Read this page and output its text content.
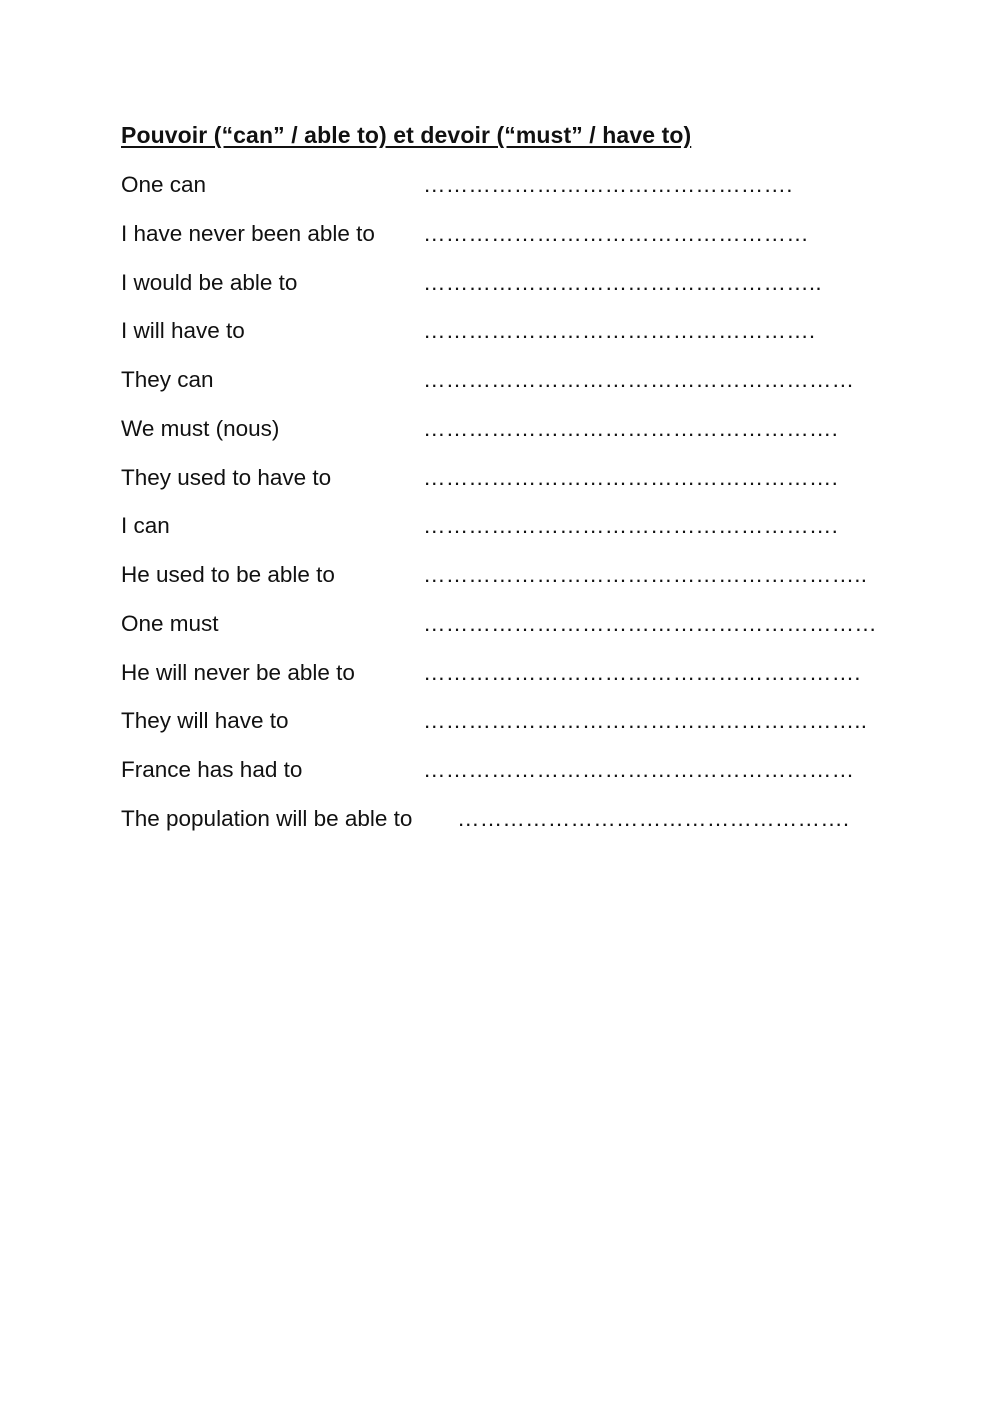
Pouvoir (“can” / able to) et devoir (“must” / have to)
One can	………………………………………….
I have never been able to ……………………………………………
I would be able to	……………………………………………..
I will have to	…………………………………………….
They can	…………………………………………………
We must (nous)	……………………………………………….
They used to have to	……………………………………………….
I can	……………………………………………….
He used to be able to	…………………………………………………..
One must	……………………………………………………
He will never be able to	………………………………………………….
They will have to	…………………………………………………..
France has had to	…………………………………………………
The population will be able to …………………………………………….
